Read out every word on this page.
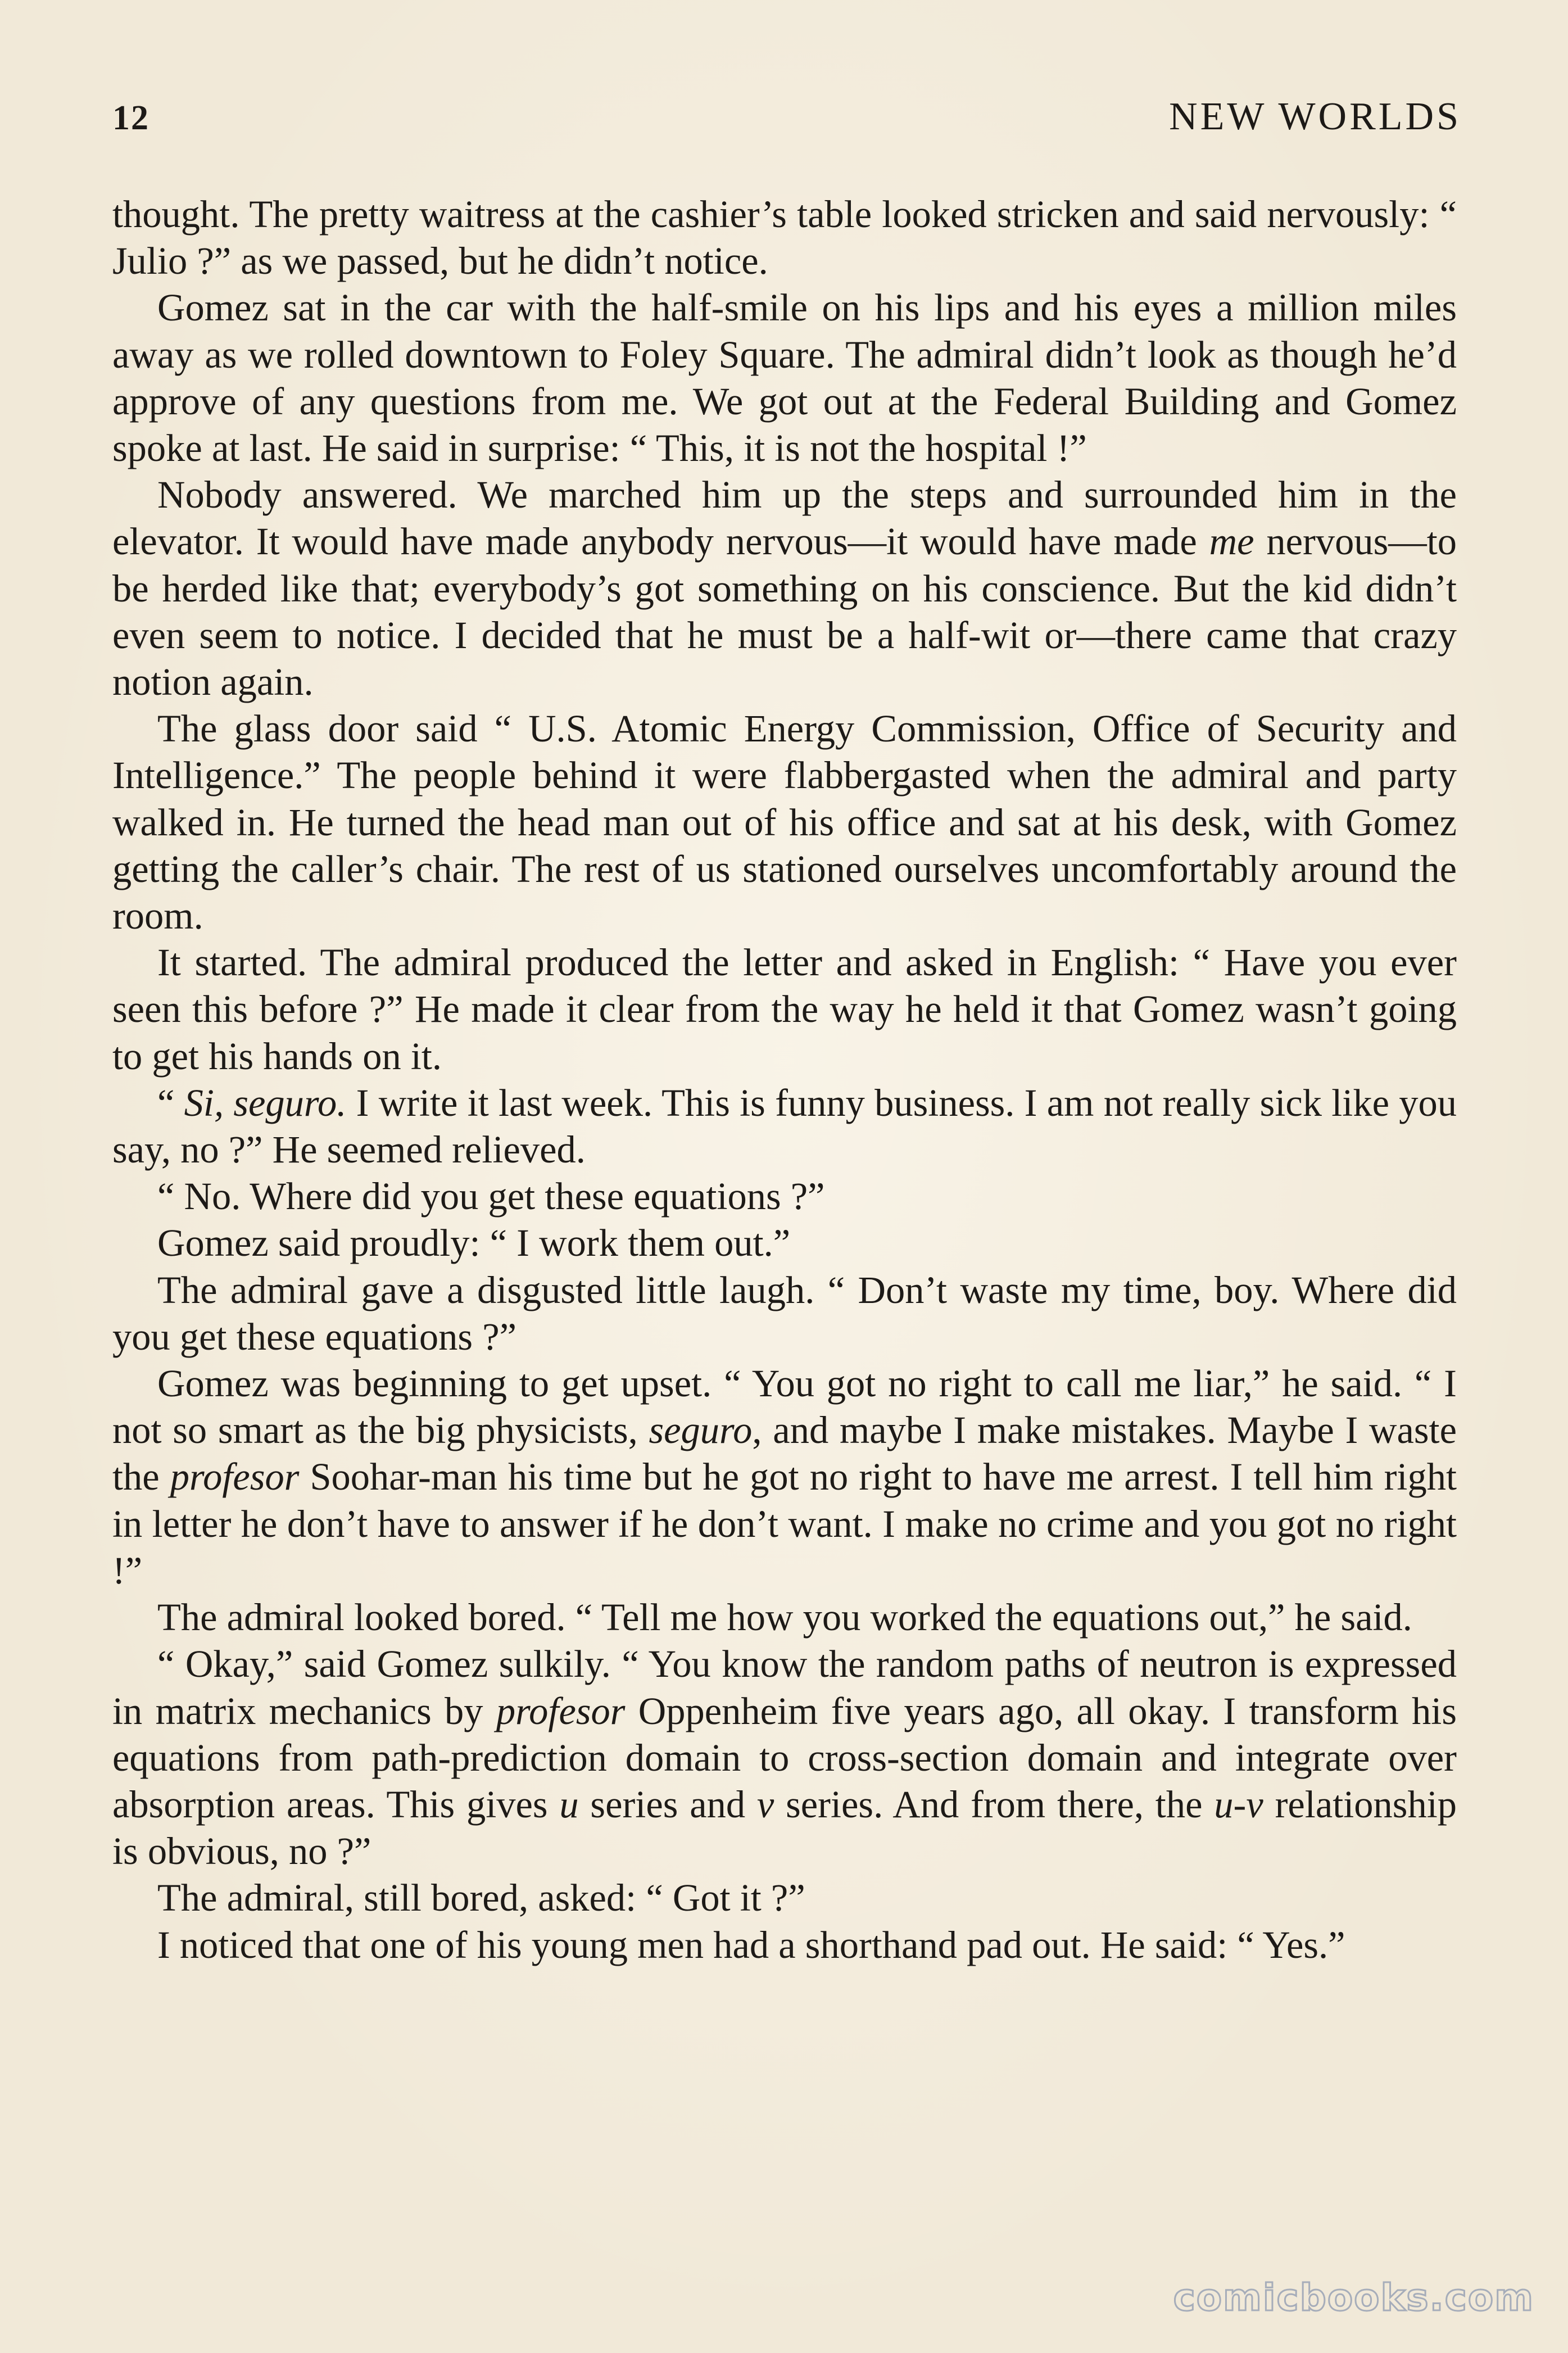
12	NEW WORLDS

thought. The pretty waitress at the cashier’s table looked stricken and said nervously: “ Julio ?” as we passed, but he didn’t notice.

Gomez sat in the car with the half-smile on his lips and his eyes a million miles away as we rolled downtown to Foley Square. The admiral didn’t look as though he’d approve of any questions from me. We got out at the Federal Building and Gomez spoke at last. He said in surprise: “ This, it is not the hospital !”

Nobody answered. We marched him up the steps and surrounded him in the elevator. It would have made anybody nervous—it would have made me nervous—to be herded like that; everybody’s got something on his conscience. But the kid didn’t even seem to notice. I decided that he must be a half-wit or—there came that crazy notion again.

The glass door said “ U.S. Atomic Energy Commission, Office of Security and Intelligence.” The people behind it were flabbergasted when the admiral and party walked in. He turned the head man out of his office and sat at his desk, with Gomez getting the caller’s chair. The rest of us stationed ourselves uncomfortably around the room.

It started. The admiral produced the letter and asked in English: “ Have you ever seen this before ?” He made it clear from the way he held it that Gomez wasn’t going to get his hands on it.

“ Si, seguro. I write it last week. This is funny business. I am not really sick like you say, no ?” He seemed relieved.

“ No. Where did you get these equations ?”

Gomez said proudly: “ I work them out.”

The admiral gave a disgusted little laugh. “ Don’t waste my time, boy. Where did you get these equations ?”

Gomez was beginning to get upset. “ You got no right to call me liar,” he said. “ I not so smart as the big physicists, seguro, and maybe I make mistakes. Maybe I waste the profesor Soohar-man his time but he got no right to have me arrest. I tell him right in letter he don’t have to answer if he don’t want. I make no crime and you got no right !”

The admiral looked bored. “ Tell me how you worked the equations out,” he said.

“ Okay,” said Gomez sulkily. “ You know the random paths of neutron is expressed in matrix mechanics by profesor Oppenheim five years ago, all okay. I transform his equations from path-prediction domain to cross-section domain and integrate over absorption areas. This gives u series and v series. And from there, the u-v relationship is obvious, no ?”

The admiral, still bored, asked: “ Got it ?”

I noticed that one of his young men had a shorthand pad out. He said: “ Yes.”

comicbooks.com
